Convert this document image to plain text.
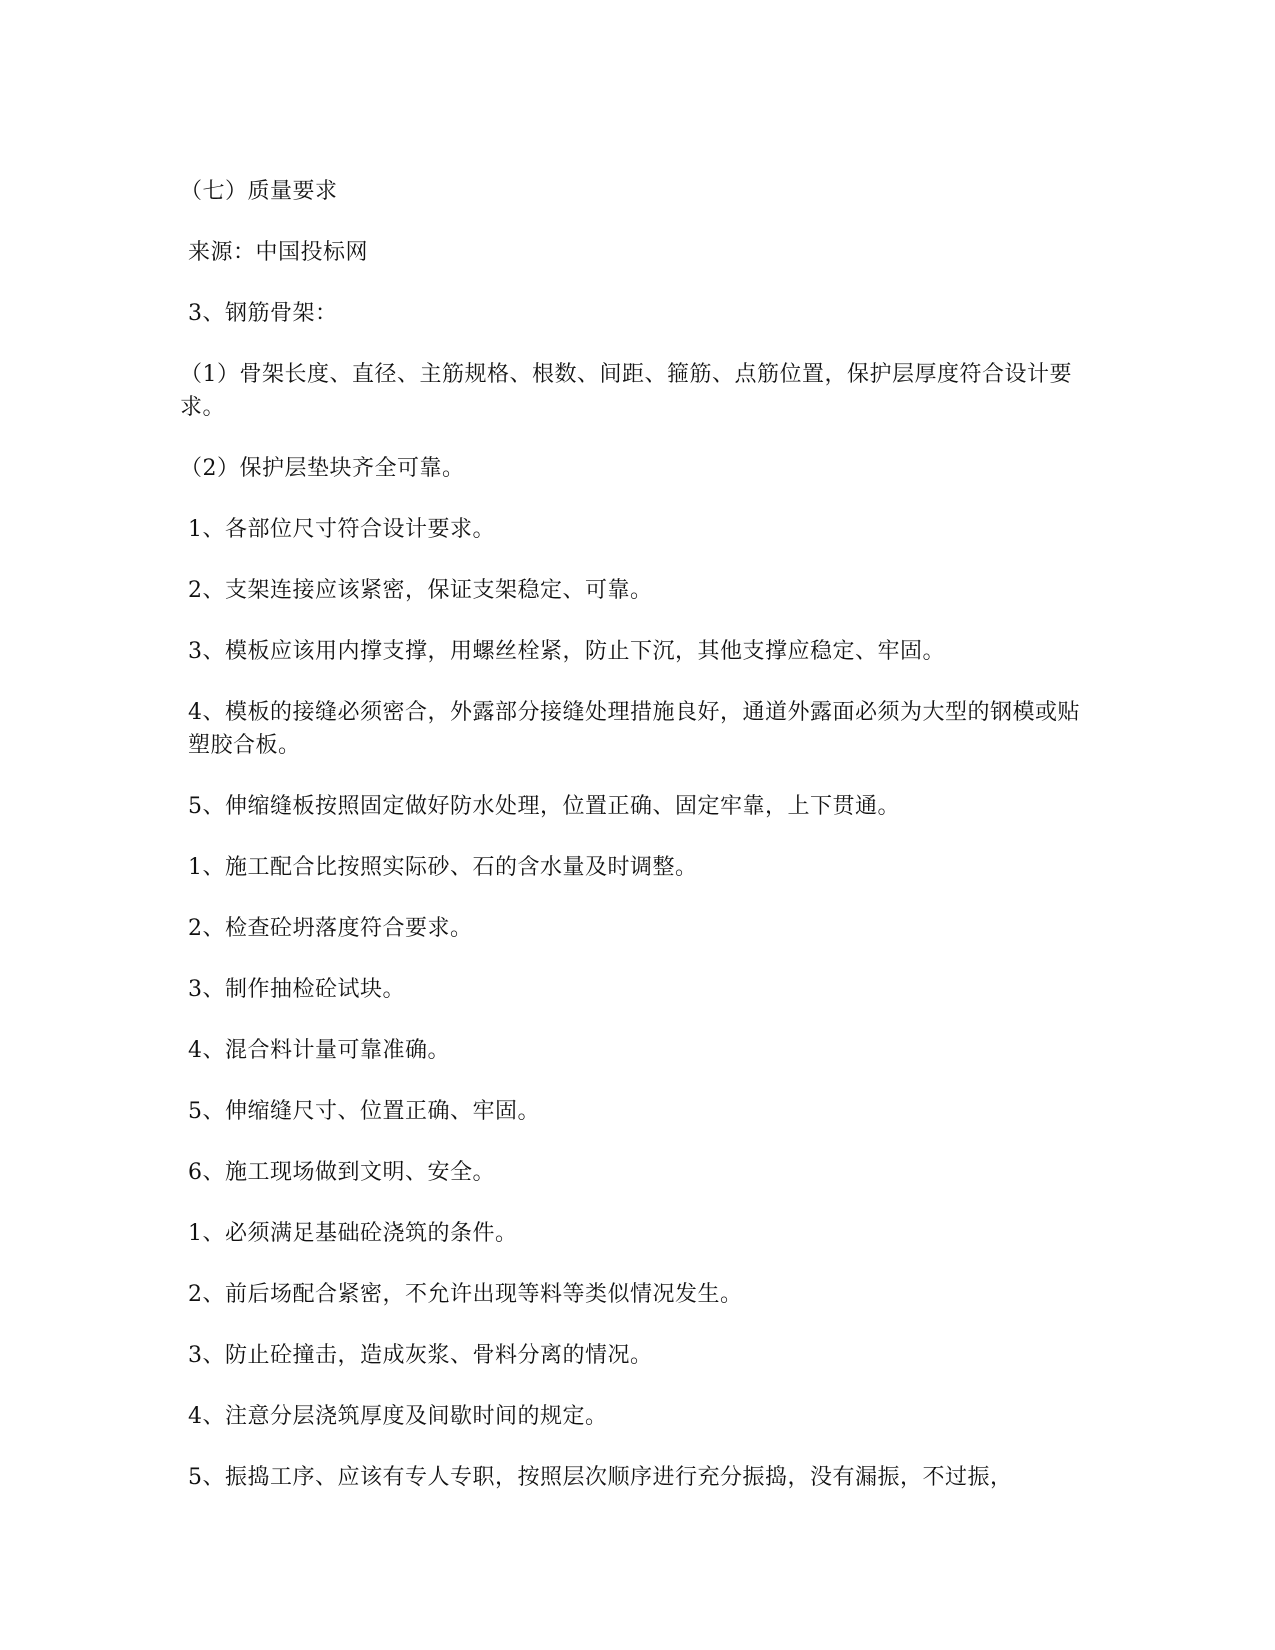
（七）质量要求

来源：中国投标网

3、钢筋骨架：

（1）骨架长度、直径、主筋规格、根数、间距、箍筋、点筋位置，保护层厚度符合设计要求。

（2）保护层垫块齐全可靠。

1、各部位尺寸符合设计要求。

2、支架连接应该紧密，保证支架稳定、可靠。

3、模板应该用内撑支撑，用螺丝栓紧，防止下沉，其他支撑应稳定、牢固。

4、模板的接缝必须密合，外露部分接缝处理措施良好，通道外露面必须为大型的钢模或贴塑胶合板。

5、伸缩缝板按照固定做好防水处理，位置正确、固定牢靠，上下贯通。

1、施工配合比按照实际砂、石的含水量及时调整。

2、检查砼坍落度符合要求。

3、制作抽检砼试块。

4、混合料计量可靠准确。

5、伸缩缝尺寸、位置正确、牢固。

6、施工现场做到文明、安全。

1、必须满足基础砼浇筑的条件。

2、前后场配合紧密，不允许出现等料等类似情况发生。

3、防止砼撞击，造成灰浆、骨料分离的情况。

4、注意分层浇筑厚度及间歇时间的规定。

5、振捣工序、应该有专人专职，按照层次顺序进行充分振捣，没有漏振，不过振，
